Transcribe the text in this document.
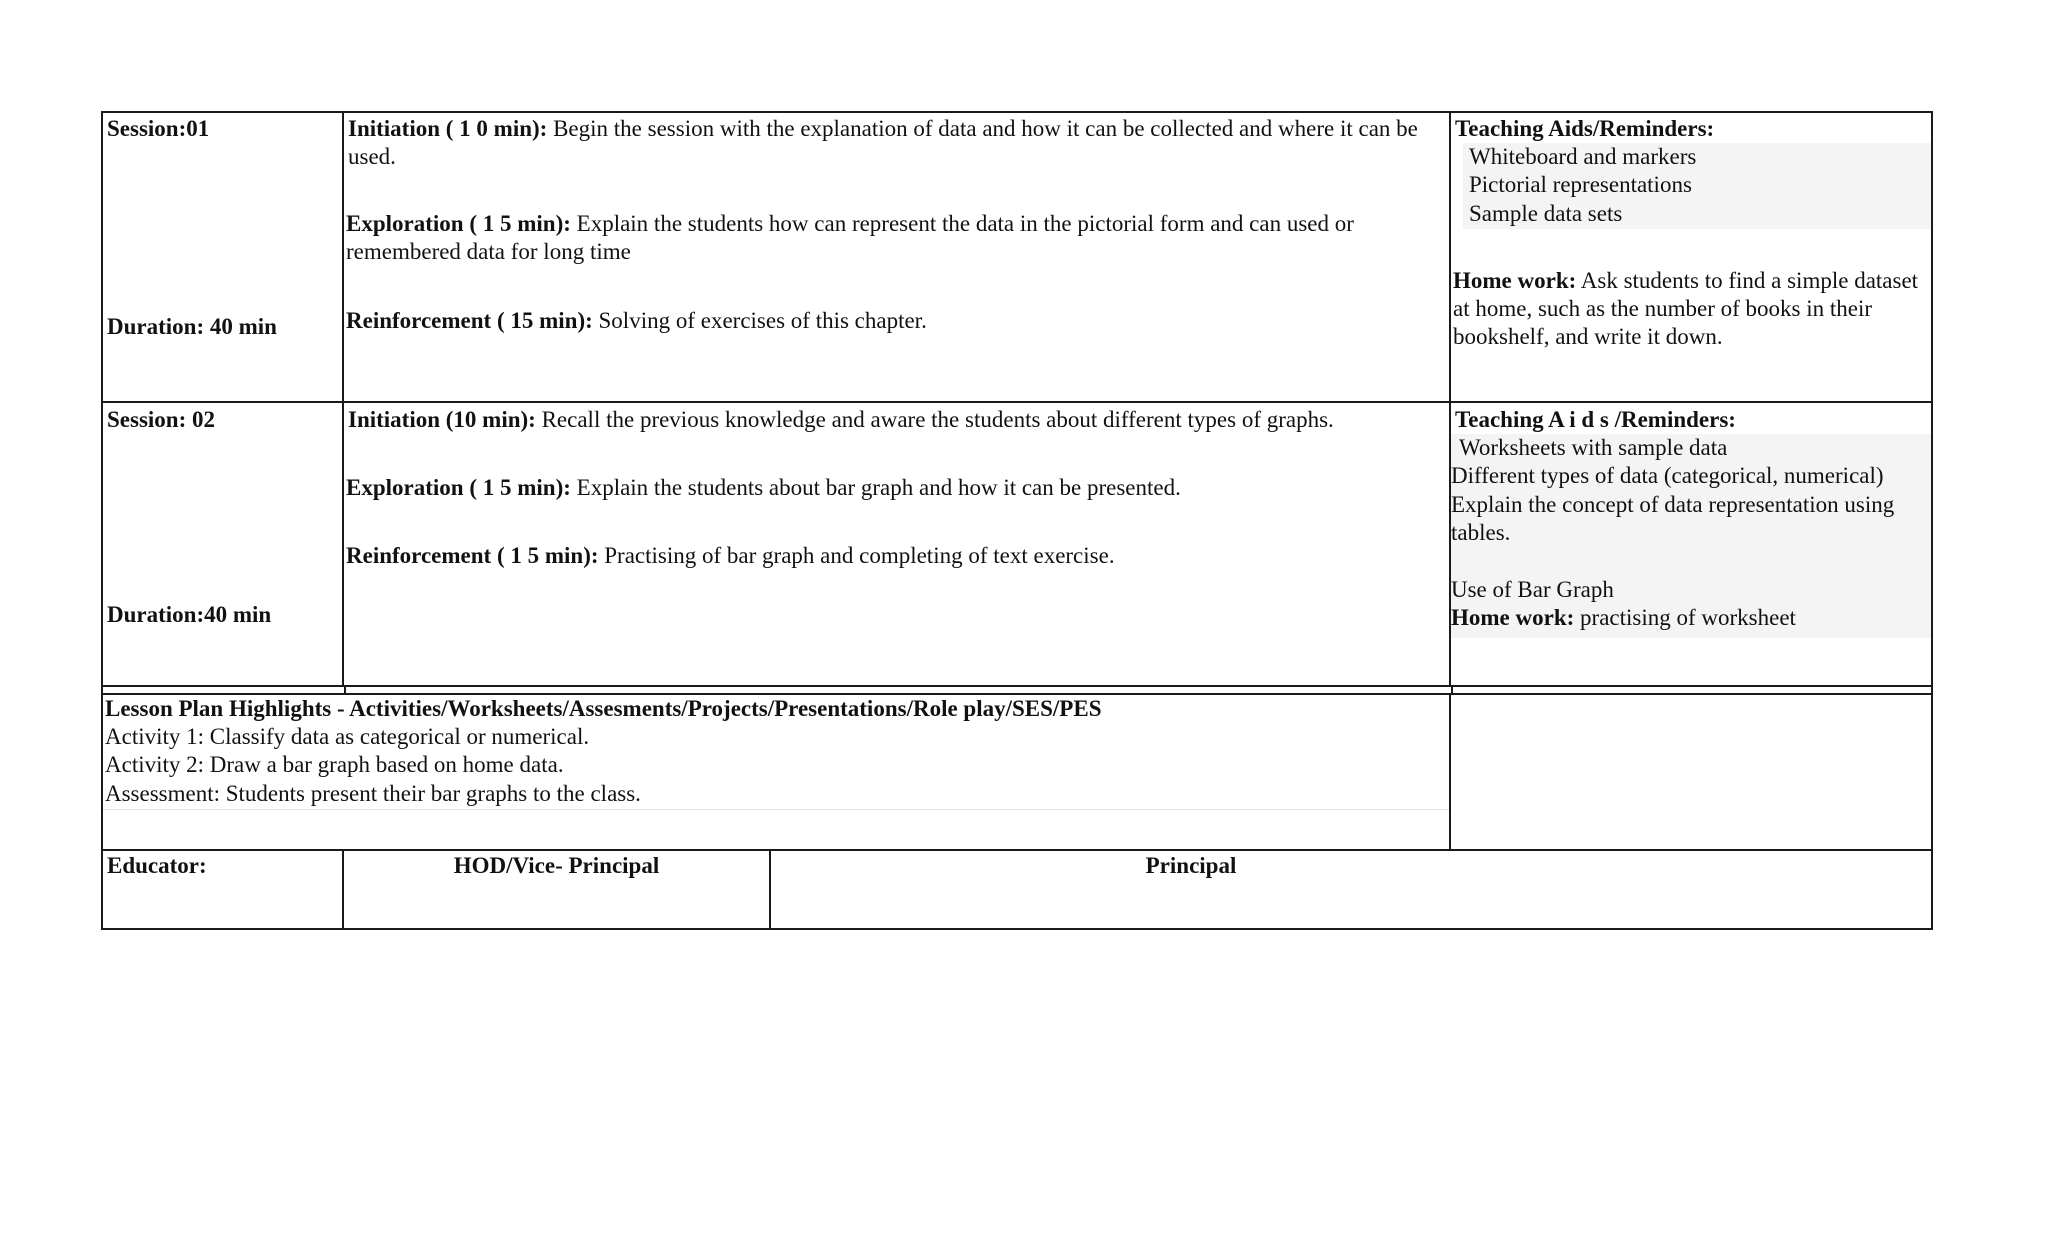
Session:01
Duration: 40 min
Initiation ( 1 0 min): Begin the session with the explanation of data and how it can be collected and where it can be used.
Exploration ( 1 5 min): Explain the students how can represent the data in the pictorial form and can used or remembered data for long time
Reinforcement ( 15 min): Solving of exercises of this chapter.
Teaching Aids/Reminders:
Whiteboard and markers
Pictorial representations
Sample data sets
Home work: Ask students to find a simple dataset at home, such as the number of books in their bookshelf, and write it down.
Session: 02
Duration:40 min
Initiation (10 min): Recall the previous knowledge and aware the students about different types of graphs.
Exploration ( 1 5 min): Explain the students about bar graph and how it can be presented.
Reinforcement ( 1 5 min): Practising of bar graph and completing of text exercise.
Teaching A i d s /Reminders:
Worksheets with sample data
Different types of data (categorical, numerical)
Explain the concept of data representation using tables.
Use of Bar Graph
Home work: practising of worksheet
Lesson Plan Highlights - Activities/Worksheets/Assesments/Projects/Presentations/Role play/SES/PES
Activity 1: Classify data as categorical or numerical.
Activity 2: Draw a bar graph based on home data.
Assessment: Students present their bar graphs to the class.
Educator:	HOD/Vice- Principal	Principal
